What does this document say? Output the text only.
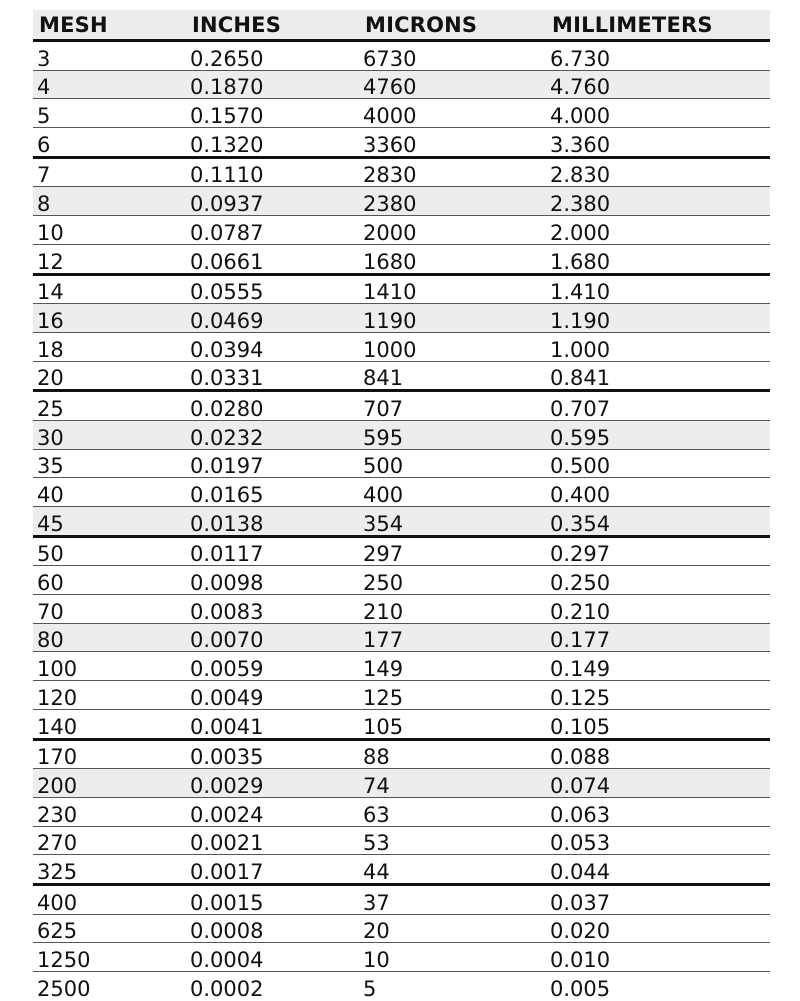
MESH	INCHES	MICRONS	MILLIMETERS
3	0.2650	6730	6.730
4	0.1870	4760	4.760
5	0.1570	4000	4.000
6	0.1320	3360	3.360
7	0.1110	2830	2.830
8	0.0937	2380	2.380
10	0.0787	2000	2.000
12	0.0661	1680	1.680
14	0.0555	1410	1.410
16	0.0469	1190	1.190
18	0.0394	1000	1.000
20	0.0331	841	0.841
25	0.0280	707	0.707
30	0.0232	595	0.595
35	0.0197	500	0.500
40	0.0165	400	0.400
45	0.0138	354	0.354
50	0.0117	297	0.297
60	0.0098	250	0.250
70	0.0083	210	0.210
80	0.0070	177	0.177
100	0.0059	149	0.149
120	0.0049	125	0.125
140	0.0041	105	0.105
170	0.0035	88	0.088
200	0.0029	74	0.074
230	0.0024	63	0.063
270	0.0021	53	0.053
325	0.0017	44	0.044
400	0.0015	37	0.037
625	0.0008	20	0.020
1250	0.0004	10	0.010
2500	0.0002	5	0.005
